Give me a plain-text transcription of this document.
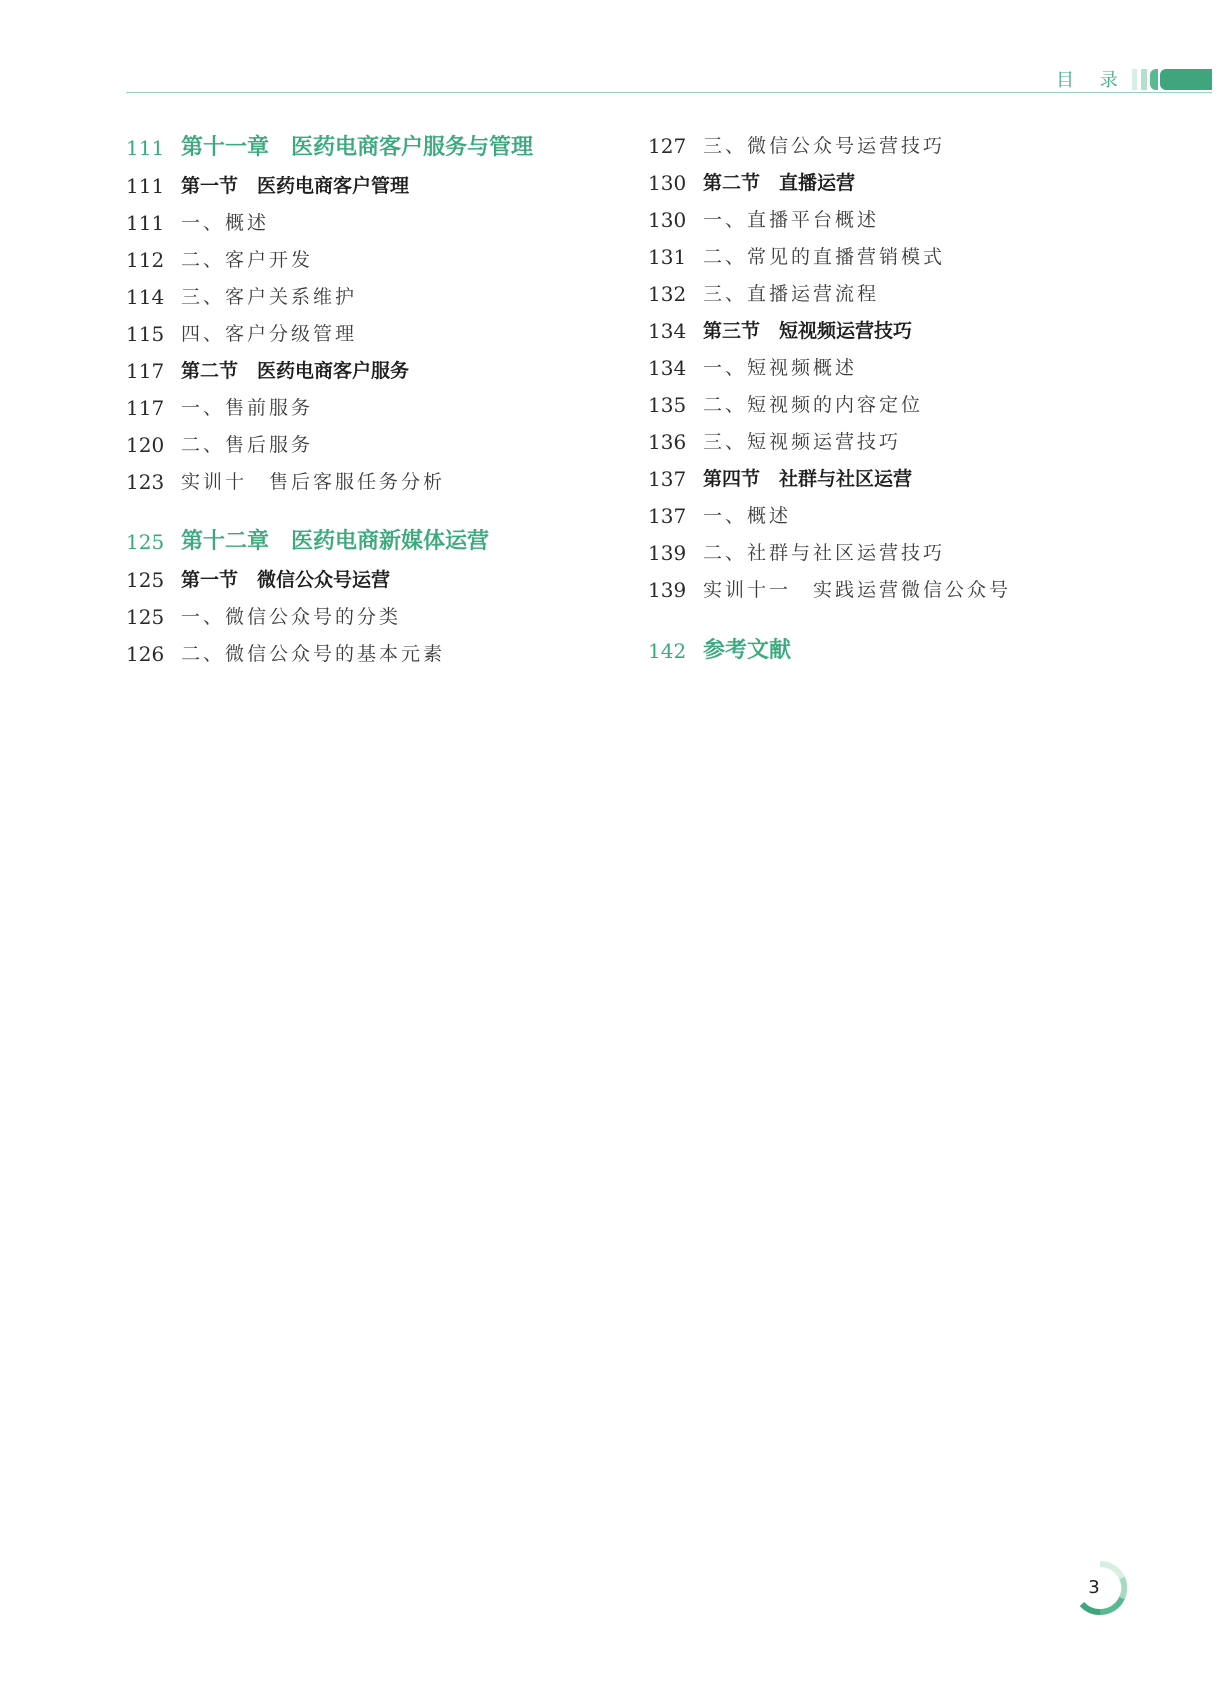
目 录
111 第十一章　医药电商客户服务与管理
111 第一节　医药电商客户管理
111 一、概述
112 二、客户开发
114 三、客户关系维护
115 四、客户分级管理
117 第二节　医药电商客户服务
117 一、售前服务
120 二、售后服务
123 实训十　售后客服任务分析
125 第十二章　医药电商新媒体运营
125 第一节　微信公众号运营
125 一、微信公众号的分类
126 二、微信公众号的基本元素
127 三、微信公众号运营技巧
130 第二节　直播运营
130 一、直播平台概述
131 二、常见的直播营销模式
132 三、直播运营流程
134 第三节　短视频运营技巧
134 一、短视频概述
135 二、短视频的内容定位
136 三、短视频运营技巧
137 第四节　社群与社区运营
137 一、概述
139 二、社群与社区运营技巧
139 实训十一　实践运营微信公众号
142 参考文献
3
